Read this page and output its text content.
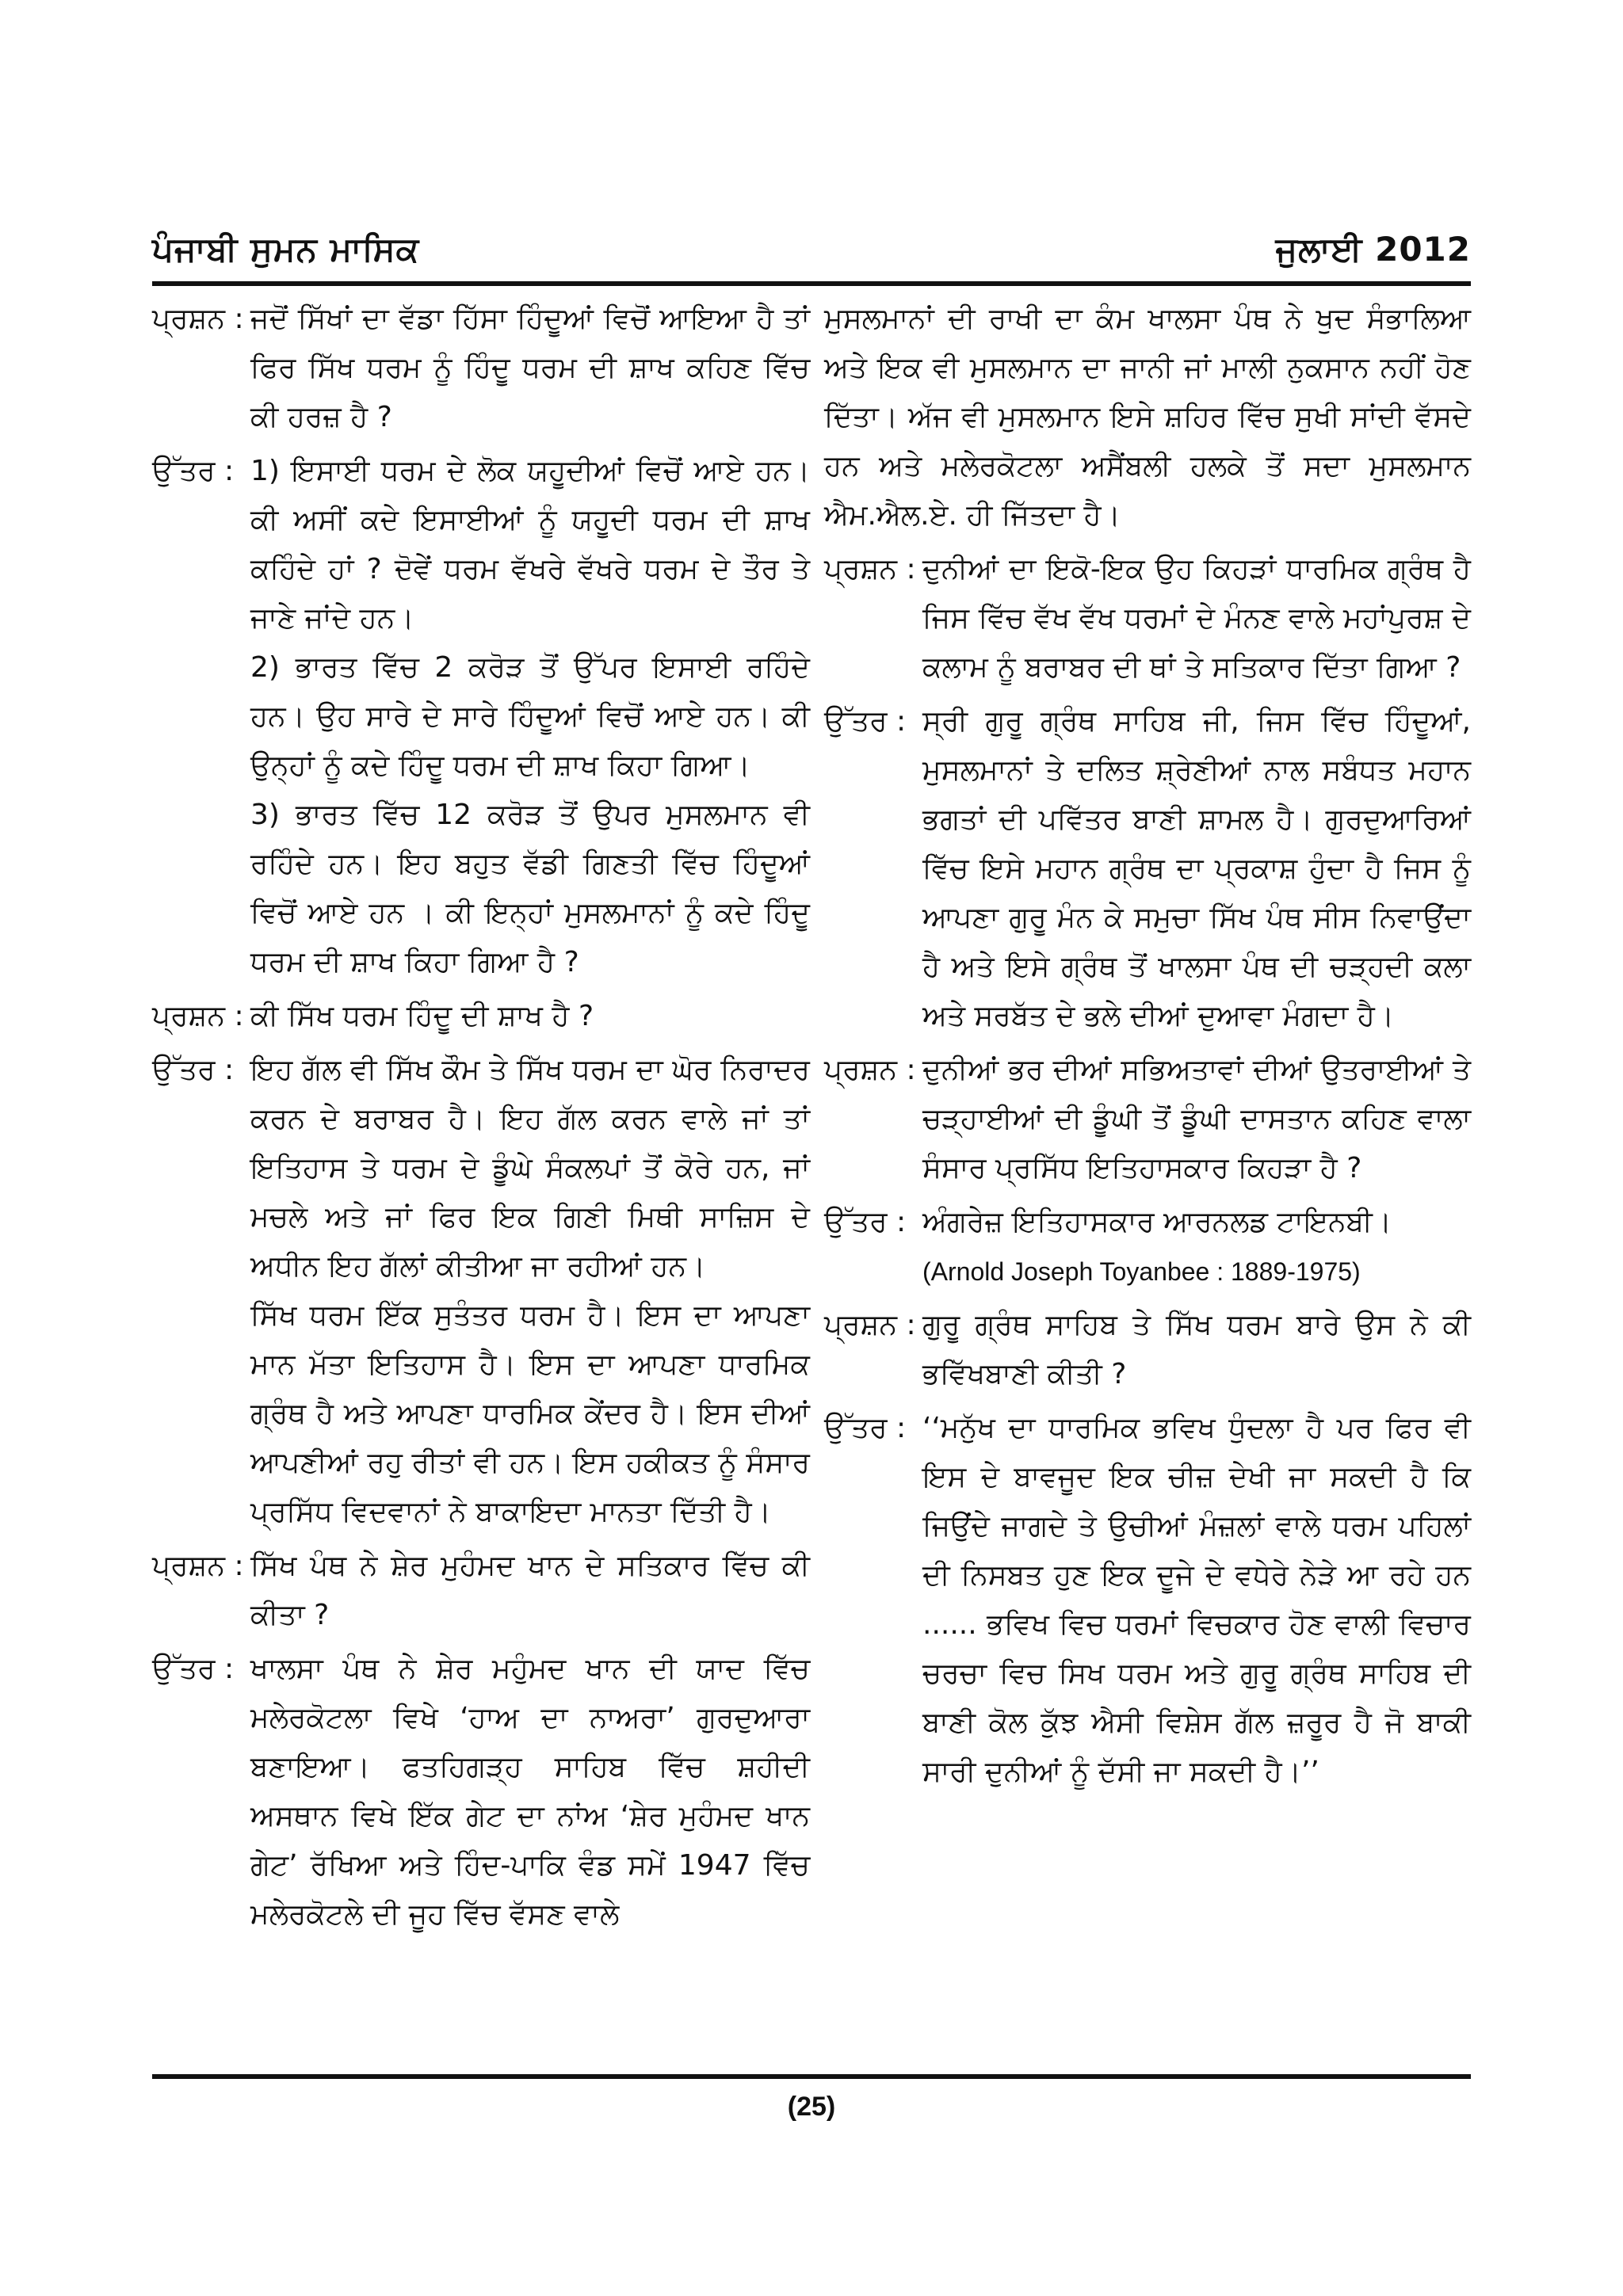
ਪੰਜਾਬੀ ਸੁਮਨ ਮਾਸਿਕ	ਜੁਲਾਈ 2012
ਪ੍ਰਸ਼ਨ : ਜਦੋਂ ਸਿੱਖਾਂ ਦਾ ਵੱਡਾ ਹਿੱਸਾ ਹਿੰਦੂਆਂ ਵਿਚੋਂ ਆਇਆ ਹੈ ਤਾਂ ਫਿਰ ਸਿੱਖ ਧਰਮ ਨੂੰ ਹਿੰਦੂ ਧਰਮ ਦੀ ਸ਼ਾਖ ਕਹਿਣ ਵਿੱਚ ਕੀ ਹਰਜ਼ ਹੈ ?

ਉੱਤਰ : 1) ਇਸਾਈ ਧਰਮ ਦੇ ਲੋਕ ਯਹੂਦੀਆਂ ਵਿਚੋਂ ਆਏ ਹਨ। ਕੀ ਅਸੀਂ ਕਦੇ ਇਸਾਈਆਂ ਨੂੰ ਯਹੂਦੀ ਧਰਮ ਦੀ ਸ਼ਾਖ ਕਹਿੰਦੇ ਹਾਂ ? ਦੋਵੇਂ ਧਰਮ ਵੱਖਰੇ ਵੱਖਰੇ ਧਰਮ ਦੇ ਤੌਰ ਤੇ ਜਾਣੇ ਜਾਂਦੇ ਹਨ।

2) ਭਾਰਤ ਵਿੱਚ 2 ਕਰੋੜ ਤੋਂ ਉੱਪਰ ਇਸਾਈ ਰਹਿੰਦੇ ਹਨ। ਉਹ ਸਾਰੇ ਦੇ ਸਾਰੇ ਹਿੰਦੂਆਂ ਵਿਚੋਂ ਆਏ ਹਨ। ਕੀ ਉਨ੍ਹਾਂ ਨੂੰ ਕਦੇ ਹਿੰਦੂ ਧਰਮ ਦੀ ਸ਼ਾਖ ਕਿਹਾ ਗਿਆ।

3) ਭਾਰਤ ਵਿੱਚ 12 ਕਰੋੜ ਤੋਂ ਉਪਰ ਮੁਸਲਮਾਨ ਵੀ ਰਹਿੰਦੇ ਹਨ। ਇਹ ਬਹੁਤ ਵੱਡੀ ਗਿਣਤੀ ਵਿੱਚ ਹਿੰਦੂਆਂ ਵਿਚੋਂ ਆਏ ਹਨ । ਕੀ ਇਨ੍ਹਾਂ ਮੁਸਲਮਾਨਾਂ ਨੂੰ ਕਦੇ ਹਿੰਦੂ ਧਰਮ ਦੀ ਸ਼ਾਖ ਕਿਹਾ ਗਿਆ ਹੈ ?

ਪ੍ਰਸ਼ਨ : ਕੀ ਸਿੱਖ ਧਰਮ ਹਿੰਦੂ ਦੀ ਸ਼ਾਖ ਹੈ ?

ਉੱਤਰ : ਇਹ ਗੱਲ ਵੀ ਸਿੱਖ ਕੌਮ ਤੇ ਸਿੱਖ ਧਰਮ ਦਾ ਘੋਰ ਨਿਰਾਦਰ ਕਰਨ ਦੇ ਬਰਾਬਰ ਹੈ। ਇਹ ਗੱਲ ਕਰਨ ਵਾਲੇ ਜਾਂ ਤਾਂ ਇਤਿਹਾਸ ਤੇ ਧਰਮ ਦੇ ਡੂੰਘੇ ਸੰਕਲਪਾਂ ਤੋਂ ਕੋਰੇ ਹਨ, ਜਾਂ ਮਚਲੇ ਅਤੇ ਜਾਂ ਫਿਰ ਇਕ ਗਿਣੀ ਮਿਥੀ ਸਾਜ਼ਿਸ ਦੇ ਅਧੀਨ ਇਹ ਗੱਲਾਂ ਕੀਤੀਆ ਜਾ ਰਹੀਆਂ ਹਨ।

ਸਿੱਖ ਧਰਮ ਇੱਕ ਸੁਤੰਤਰ ਧਰਮ ਹੈ। ਇਸ ਦਾ ਆਪਣਾ ਮਾਨ ਮੱਤਾ ਇਤਿਹਾਸ ਹੈ। ਇਸ ਦਾ ਆਪਣਾ ਧਾਰਮਿਕ ਗ੍ਰੰਥ ਹੈ ਅਤੇ ਆਪਣਾ ਧਾਰਮਿਕ ਕੇਂਦਰ ਹੈ। ਇਸ ਦੀਆਂ ਆਪਣੀਆਂ ਰਹੁ ਰੀਤਾਂ ਵੀ ਹਨ। ਇਸ ਹਕੀਕਤ ਨੂੰ ਸੰਸਾਰ ਪ੍ਰਸਿੱਧ ਵਿਦਵਾਨਾਂ ਨੇ ਬਾਕਾਇਦਾ ਮਾਨਤਾ ਦਿੱਤੀ ਹੈ।

ਪ੍ਰਸ਼ਨ : ਸਿੱਖ ਪੰਥ ਨੇ ਸ਼ੇਰ ਮੁਹੰਮਦ ਖਾਨ ਦੇ ਸਤਿਕਾਰ ਵਿੱਚ ਕੀ ਕੀਤਾ ?

ਉੱਤਰ : ਖਾਲਸਾ ਪੰਥ ਨੇ ਸ਼ੇਰ ਮਹੁੰਮਦ ਖਾਨ ਦੀ ਯਾਦ ਵਿੱਚ ਮਲੇਰਕੋਟਲਾ ਵਿਖੇ ‘ਹਾਅ ਦਾ ਨਾਅਰਾ’ ਗੁਰਦੁਆਰਾ ਬਣਾਇਆ। ਫਤਹਿਗੜ੍ਹ ਸਾਹਿਬ ਵਿੱਚ ਸ਼ਹੀਦੀ ਅਸਥਾਨ ਵਿਖੇ ਇੱਕ ਗੇਟ ਦਾ ਨਾਂਅ ‘ਸ਼ੇਰ ਮੁਹੰਮਦ ਖਾਨ ਗੇਟ’ ਰੱਖਿਆ ਅਤੇ ਹਿੰਦ-ਪਾਕਿ ਵੰਡ ਸਮੇਂ 1947 ਵਿੱਚ ਮਲੇਰਕੋਟਲੇ ਦੀ ਜੂਹ ਵਿੱਚ ਵੱਸਣ ਵਾਲੇ

ਮੁਸਲਮਾਨਾਂ ਦੀ ਰਾਖੀ ਦਾ ਕੰਮ ਖਾਲਸਾ ਪੰਥ ਨੇ ਖੁਦ ਸੰਭਾਲਿਆ ਅਤੇ ਇਕ ਵੀ ਮੁਸਲਮਾਨ ਦਾ ਜਾਨੀ ਜਾਂ ਮਾਲੀ ਨੁਕਸਾਨ ਨਹੀਂ ਹੋਣ ਦਿੱਤਾ। ਅੱਜ ਵੀ ਮੁਸਲਮਾਨ ਇਸੇ ਸ਼ਹਿਰ ਵਿੱਚ ਸੁਖੀ ਸਾਂਦੀ ਵੱਸਦੇ ਹਨ ਅਤੇ ਮਲੇਰਕੋਟਲਾ ਅਸੈਂਬਲੀ ਹਲਕੇ ਤੋਂ ਸਦਾ ਮੁਸਲਮਾਨ ਐਮ.ਐਲ.ਏ. ਹੀ ਜਿੱਤਦਾ ਹੈ।

ਪ੍ਰਸ਼ਨ : ਦੁਨੀਆਂ ਦਾ ਇਕੋ-ਇਕ ਉਹ ਕਿਹੜਾਂ ਧਾਰਮਿਕ ਗ੍ਰੰਥ ਹੈ ਜਿਸ ਵਿੱਚ ਵੱਖ ਵੱਖ ਧਰਮਾਂ ਦੇ ਮੰਨਣ ਵਾਲੇ ਮਹਾਂਪੁਰਸ਼ ਦੇ ਕਲਾਮ ਨੂੰ ਬਰਾਬਰ ਦੀ ਥਾਂ ਤੇ ਸਤਿਕਾਰ ਦਿੱਤਾ ਗਿਆ ?

ਉੱਤਰ : ਸ੍ਰੀ ਗੁਰੂ ਗ੍ਰੰਥ ਸਾਹਿਬ ਜੀ, ਜਿਸ ਵਿੱਚ ਹਿੰਦੂਆਂ, ਮੁਸਲਮਾਨਾਂ ਤੇ ਦਲਿਤ ਸ਼੍ਰੇਣੀਆਂ ਨਾਲ ਸਬੰਧਤ ਮਹਾਨ ਭਗਤਾਂ ਦੀ ਪਵਿੱਤਰ ਬਾਣੀ ਸ਼ਾਮਲ ਹੈ। ਗੁਰਦੁਆਰਿਆਂ ਵਿੱਚ ਇਸੇ ਮਹਾਨ ਗ੍ਰੰਥ ਦਾ ਪ੍ਰਕਾਸ਼ ਹੁੰਦਾ ਹੈ ਜਿਸ ਨੂੰ ਆਪਣਾ ਗੁਰੂ ਮੰਨ ਕੇ ਸਮੁਚਾ ਸਿੱਖ ਪੰਥ ਸੀਸ ਨਿਵਾਉਂਦਾ ਹੈ ਅਤੇ ਇਸੇ ਗ੍ਰੰਥ ਤੋਂ ਖਾਲਸਾ ਪੰਥ ਦੀ ਚੜ੍ਹਦੀ ਕਲਾ ਅਤੇ ਸਰਬੱਤ ਦੇ ਭਲੇ ਦੀਆਂ ਦੁਆਵਾ ਮੰਗਦਾ ਹੈ।

ਪ੍ਰਸ਼ਨ : ਦੁਨੀਆਂ ਭਰ ਦੀਆਂ ਸਭਿਅਤਾਵਾਂ ਦੀਆਂ ਉਤਰਾਈਆਂ ਤੇ ਚੜ੍ਹਾਈਆਂ ਦੀ ਡੂੰਘੀ ਤੋਂ ਡੂੰਘੀ ਦਾਸਤਾਨ ਕਹਿਣ ਵਾਲਾ ਸੰਸਾਰ ਪ੍ਰਸਿੱਧ ਇਤਿਹਾਸਕਾਰ ਕਿਹੜਾ ਹੈ ?

ਉੱਤਰ : ਅੰਗਰੇਜ਼ ਇਤਿਹਾਸਕਾਰ ਆਰਨਲਡ ਟਾਇਨਬੀ।

(Arnold Joseph Toyanbee : 1889-1975)

ਪ੍ਰਸ਼ਨ : ਗੁਰੂ ਗ੍ਰੰਥ ਸਾਹਿਬ ਤੇ ਸਿੱਖ ਧਰਮ ਬਾਰੇ ਉਸ ਨੇ ਕੀ ਭਵਿੱਖਬਾਣੀ ਕੀਤੀ ?

ਉੱਤਰ : ‘‘ਮਨੁੱਖ ਦਾ ਧਾਰਮਿਕ ਭਵਿਖ ਧੁੰਦਲਾ ਹੈ ਪਰ ਫਿਰ ਵੀ ਇਸ ਦੇ ਬਾਵਜੂਦ ਇਕ ਚੀਜ਼ ਦੇਖੀ ਜਾ ਸਕਦੀ ਹੈ ਕਿ ਜਿਉਂਦੇ ਜਾਗਦੇ ਤੇ ਉਚੀਆਂ ਮੰਜ਼ਲਾਂ ਵਾਲੇ ਧਰਮ ਪਹਿਲਾਂ ਦੀ ਨਿਸਬਤ ਹੁਣ ਇਕ ਦੂਜੇ ਦੇ ਵਧੇਰੇ ਨੇੜੇ ਆ ਰਹੇ ਹਨ ...... ਭਵਿਖ ਵਿਚ ਧਰਮਾਂ ਵਿਚਕਾਰ ਹੋਣ ਵਾਲੀ ਵਿਚਾਰ ਚਰਚਾ ਵਿਚ ਸਿਖ ਧਰਮ ਅਤੇ ਗੁਰੂ ਗ੍ਰੰਥ ਸਾਹਿਬ ਦੀ ਬਾਣੀ ਕੋਲ ਕੁੱਝ ਐਸੀ ਵਿਸ਼ੇਸ ਗੱਲ ਜ਼ਰੂਰ ਹੈ ਜੋ ਬਾਕੀ ਸਾਰੀ ਦੁਨੀਆਂ ਨੂੰ ਦੱਸੀ ਜਾ ਸਕਦੀ ਹੈ।’’

(25)
